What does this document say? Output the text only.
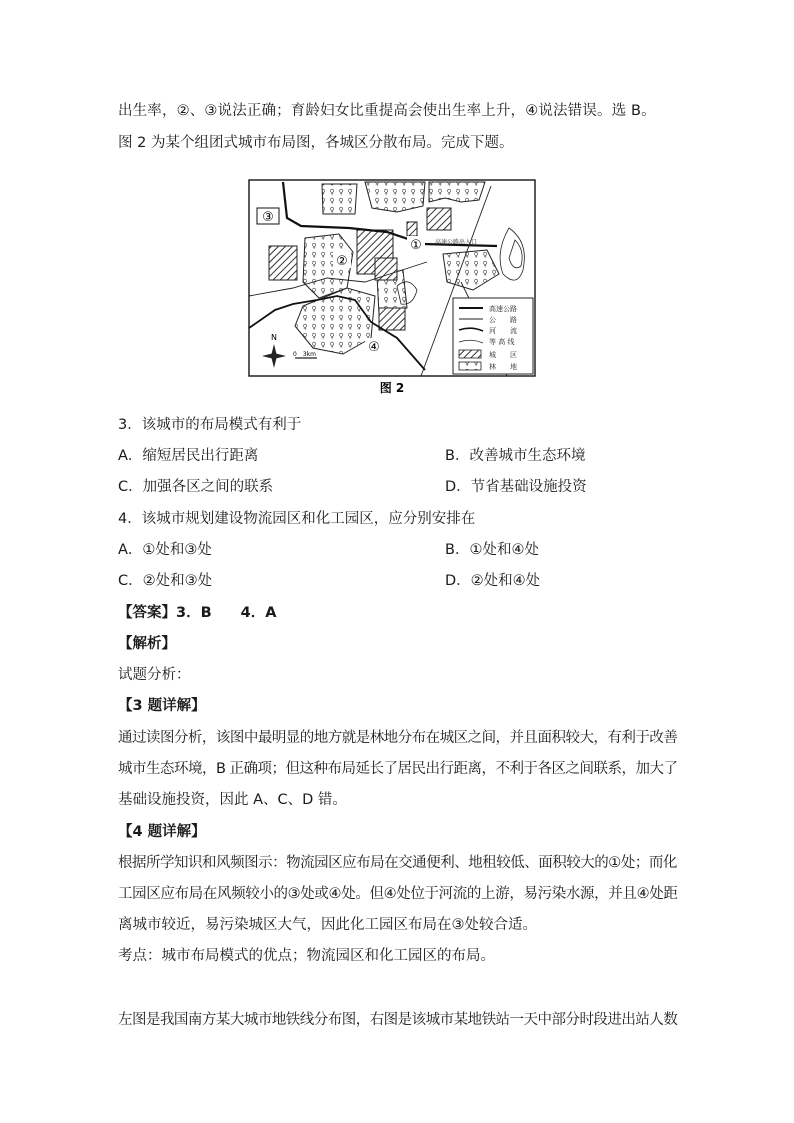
出生率，②、③说法正确；育龄妇女比重提高会使出生率上升，④说法错误。选 B。
图 2 为某个组团式城市布局图，各城区分散布局。完成下题。
③
②
①
④
高速公路出入口
N
0　3km
高速公路
公　　路
河　　流
等 高 线
城　　区
林　　地
图 2
3．该城市的布局模式有利于
A．缩短居民出行距离	B．改善城市生态环境
C．加强各区之间的联系	D．节省基础设施投资
4．该城市规划建设物流园区和化工园区，应分别安排在
A．①处和③处	B．①处和④处
C．②处和③处	D．②处和④处
【答案】3．B　　4．A
【解析】
试题分析：
【3 题详解】
通过读图分析，该图中最明显的地方就是林地分布在城区之间，并且面积较大，有利于改善
城市生态环境，B 正确项；但这种布局延长了居民出行距离，不利于各区之间联系，加大了
基础设施投资，因此 A、C、D 错。
【4 题详解】
根据所学知识和风频图示：物流园区应布局在交通便利、地租较低、面积较大的①处；而化
工园区应布局在风频较小的③处或④处。但④处位于河流的上游，易污染水源，并且④处距
离城市较近，易污染城区大气，因此化工园区布局在③处较合适。
考点：城市布局模式的优点；物流园区和化工园区的布局。
左图是我国南方某大城市地铁线分布图，右图是该城市某地铁站一天中部分时段进出站人数
